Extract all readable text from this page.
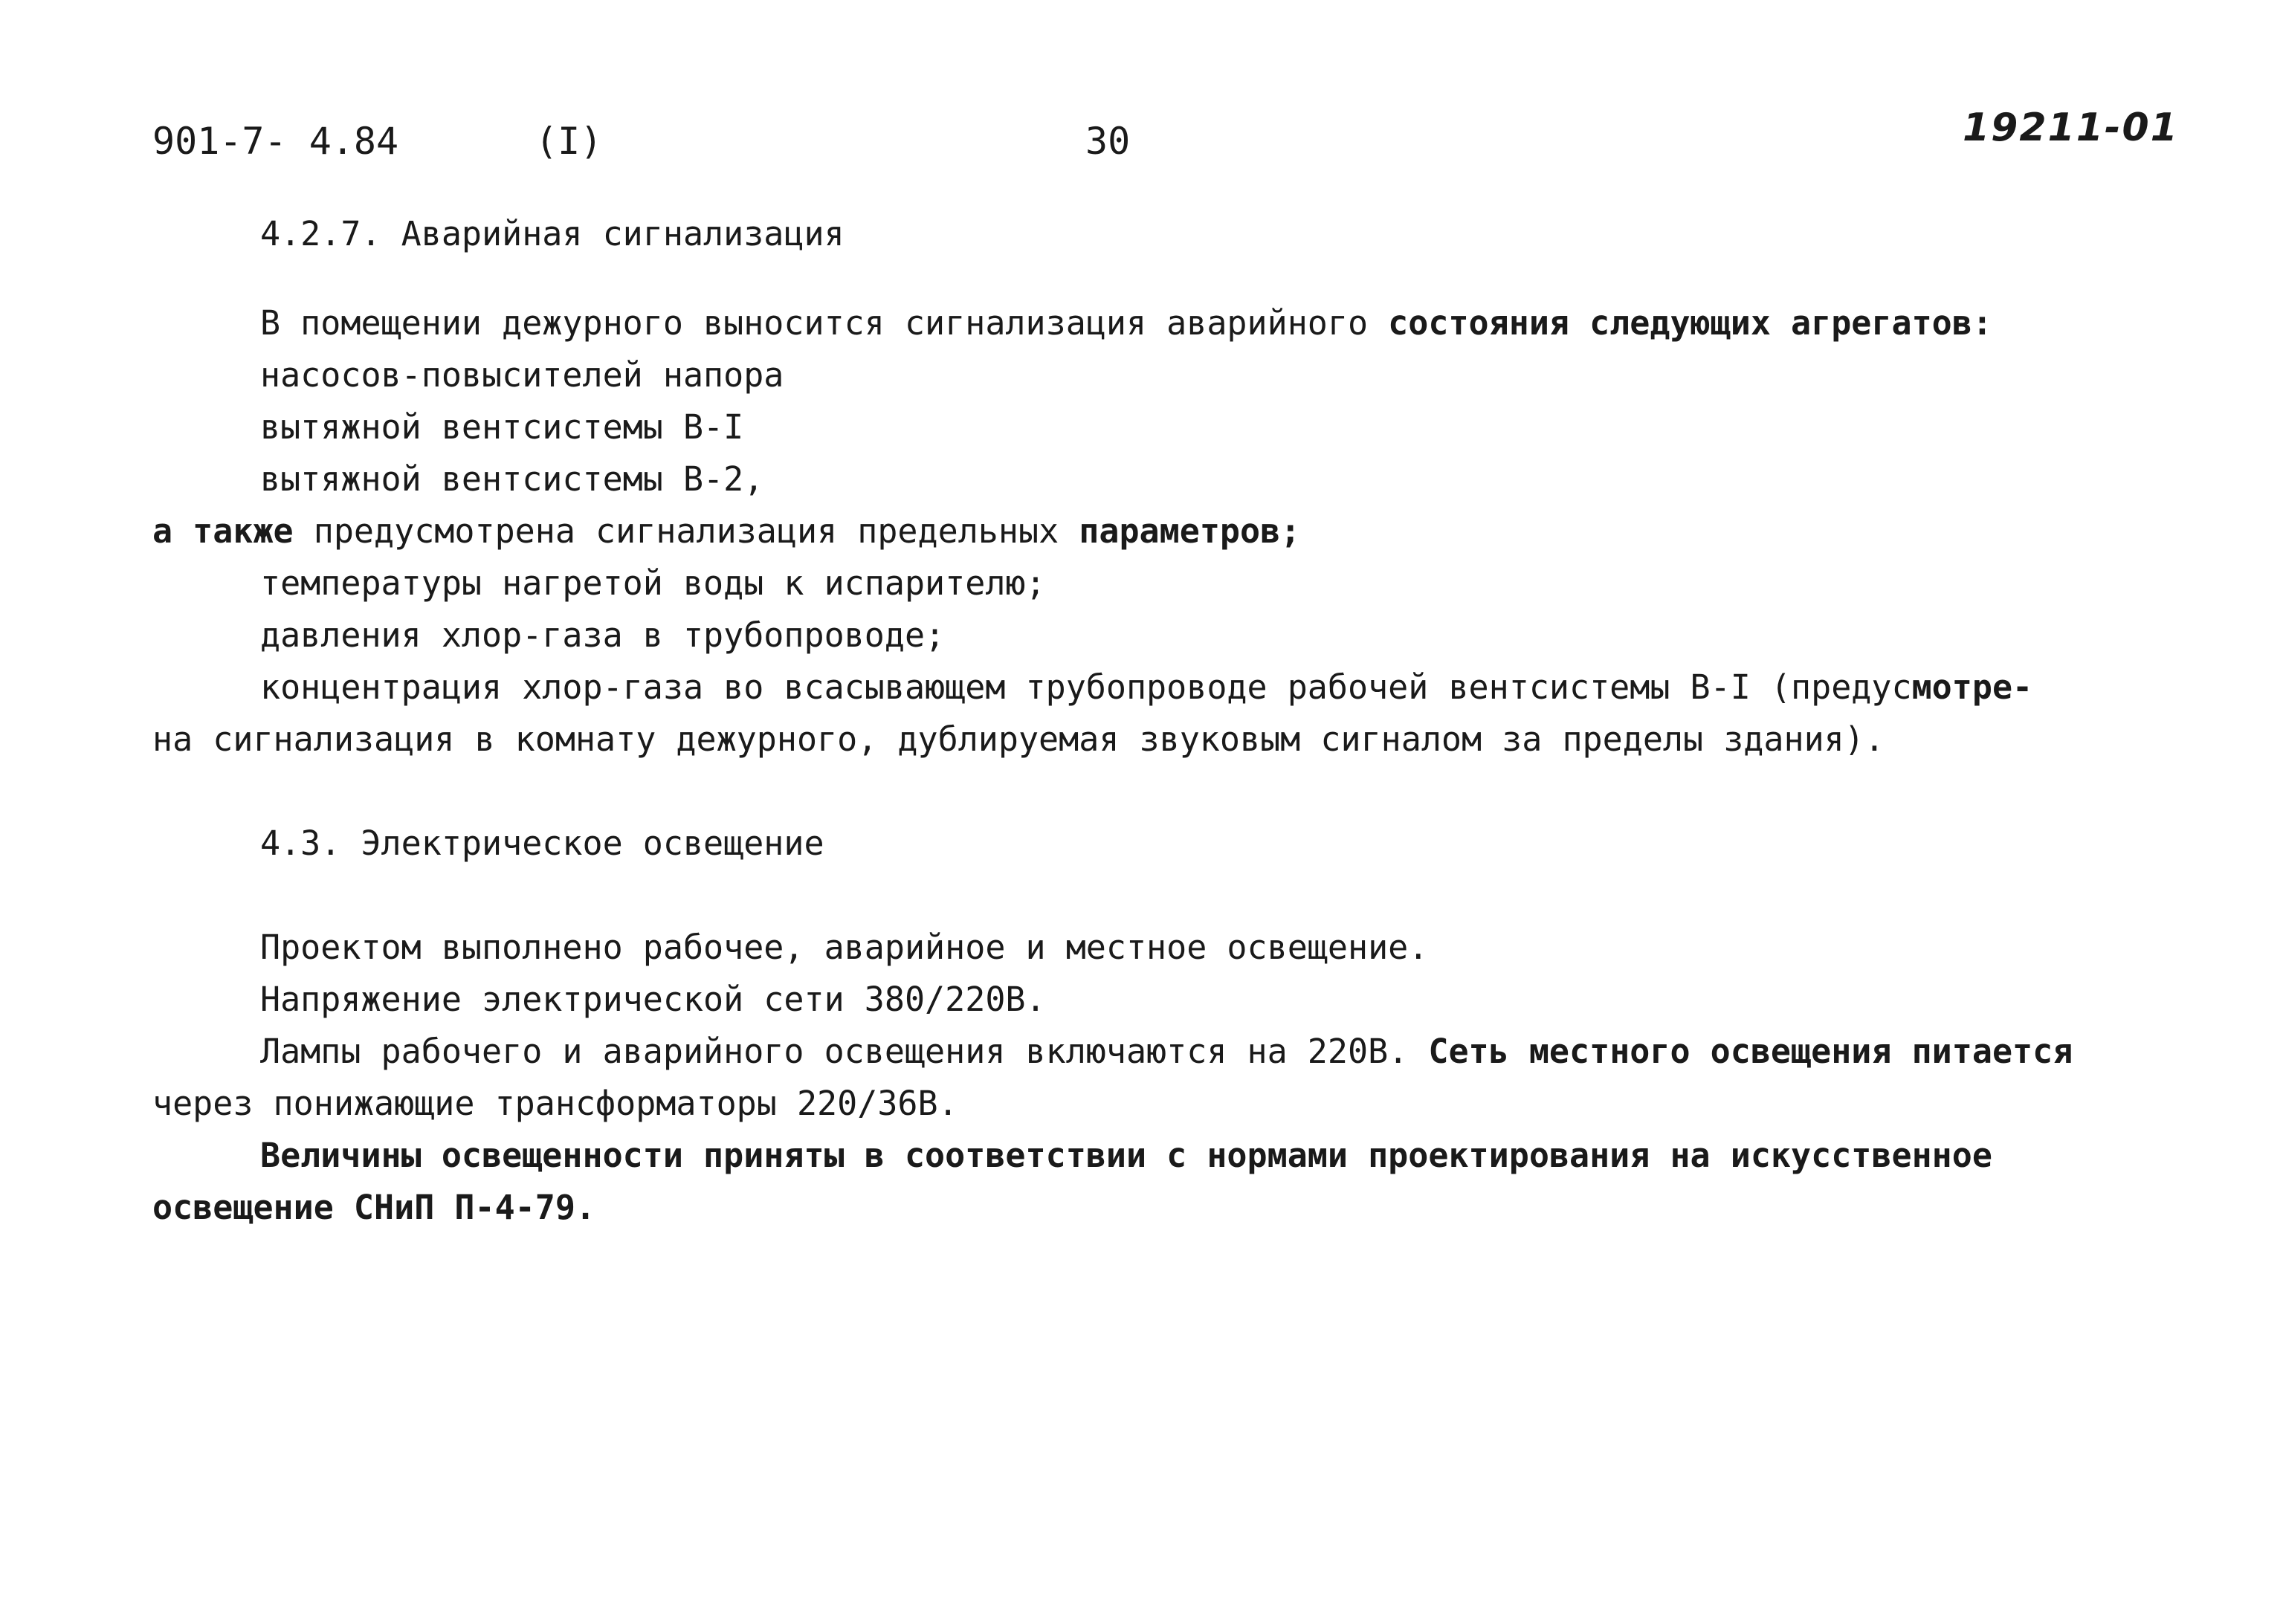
901-7- 4.84	(I)	30	19211-01
4.2.7. Аварийная сигнализация
В помещении дежурного выносится сигнализация аварийного состояния следующих агрегатов:
насосов-повысителей напора
вытяжной вентсистемы В-I
вытяжной вентсистемы В-2,
а также предусмотрена сигнализация предельных параметров;
температуры нагретой воды к испарителю;
давления хлор-газа в трубопроводе;
концентрация хлор-газа во всасывающем трубопроводе рабочей вентсистемы В-I (предусмотре-
на сигнализация в комнату дежурного, дублируемая звуковым сигналом за пределы здания).
4.3. Электрическое освещение
Проектом выполнено рабочее, аварийное и местное освещение.
Напряжение электрической сети 380/220В.
Лампы рабочего и аварийного освещения включаются на 220В. Сеть местного освещения питается
через понижающие трансформаторы 220/36В.
Величины освещенности приняты в соответствии с нормами проектирования на искусственное
освещение СНиП П-4-79.
